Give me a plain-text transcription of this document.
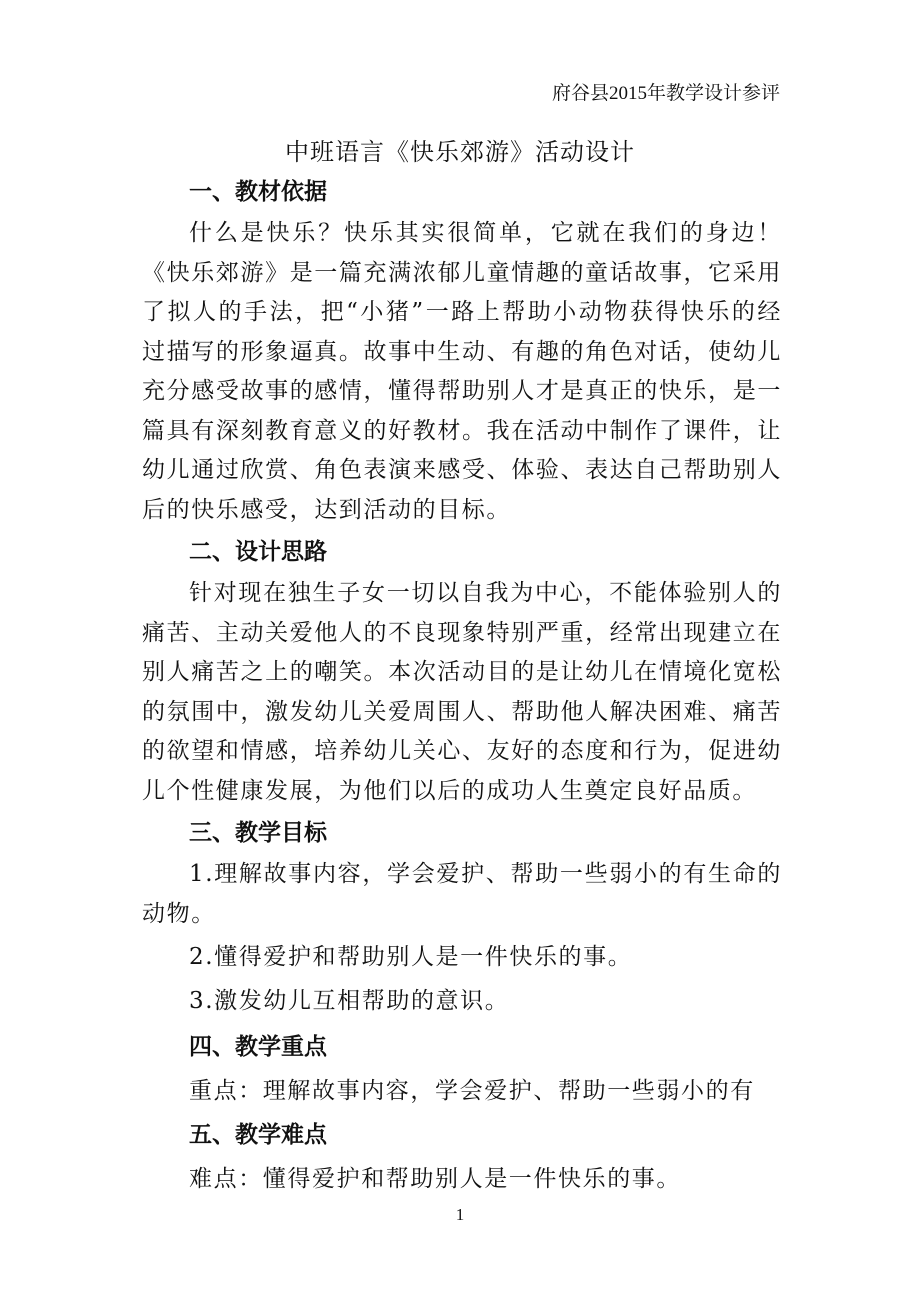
府谷县2015年教学设计参评
中班语言《快乐郊游》活动设计
一、教材依据

什么是快乐？快乐其实很简单，它就在我们的身边！《快乐郊游》是一篇充满浓郁儿童情趣的童话故事，它采用了拟人的手法，把“小猪”一路上帮助小动物获得快乐的经过描写的形象逼真。故事中生动、有趣的角色对话，使幼儿充分感受故事的感情，懂得帮助别人才是真正的快乐，是一篇具有深刻教育意义的好教材。我在活动中制作了课件，让幼儿通过欣赏、角色表演来感受、体验、表达自己帮助别人后的快乐感受，达到活动的目标。

二、设计思路

针对现在独生子女一切以自我为中心，不能体验别人的痛苦、主动关爱他人的不良现象特别严重，经常出现建立在别人痛苦之上的嘲笑。本次活动目的是让幼儿在情境化宽松的氛围中，激发幼儿关爱周围人、帮助他人解决困难、痛苦的欲望和情感，培养幼儿关心、友好的态度和行为，促进幼儿个性健康发展，为他们以后的成功人生奠定良好品质。

三、教学目标

1.理解故事内容，学会爱护、帮助一些弱小的有生命的动物。

2.懂得爱护和帮助别人是一件快乐的事。

3.激发幼儿互相帮助的意识。

四、教学重点

重点：理解故事内容，学会爱护、帮助一些弱小的有

五、教学难点

难点：懂得爱护和帮助别人是一件快乐的事。

1
